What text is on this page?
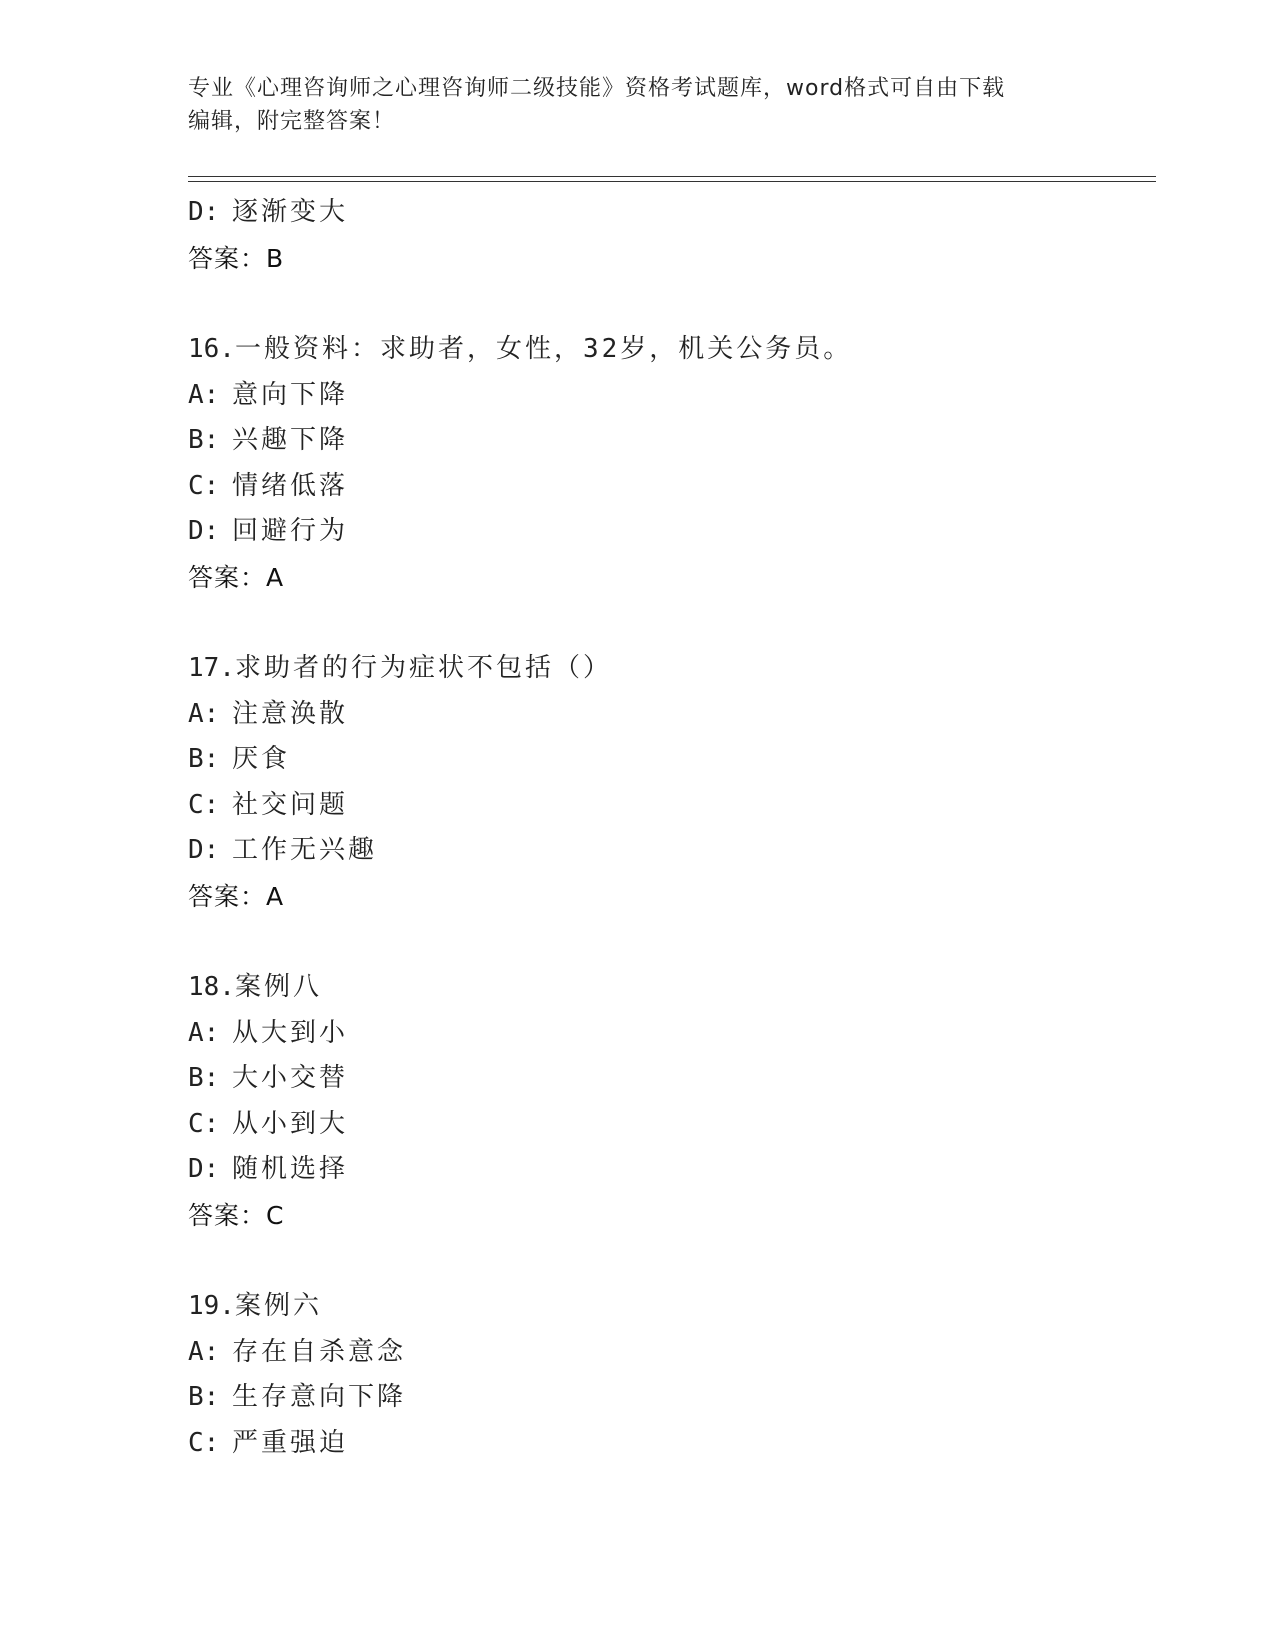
专业《心理咨询师之心理咨询师二级技能》资格考试题库，word格式可自由下载
编辑，附完整答案！
D: 逐渐变大
答案：B
16.一般资料：求助者，女性，32岁，机关公务员。
A: 意向下降
B: 兴趣下降
C: 情绪低落
D: 回避行为
答案：A
17.求助者的行为症状不包括（）
A: 注意涣散
B: 厌食
C: 社交问题
D: 工作无兴趣
答案：A
18.案例八
A: 从大到小
B: 大小交替
C: 从小到大
D: 随机选择
答案：C
19.案例六
A: 存在自杀意念
B: 生存意向下降
C: 严重强迫
